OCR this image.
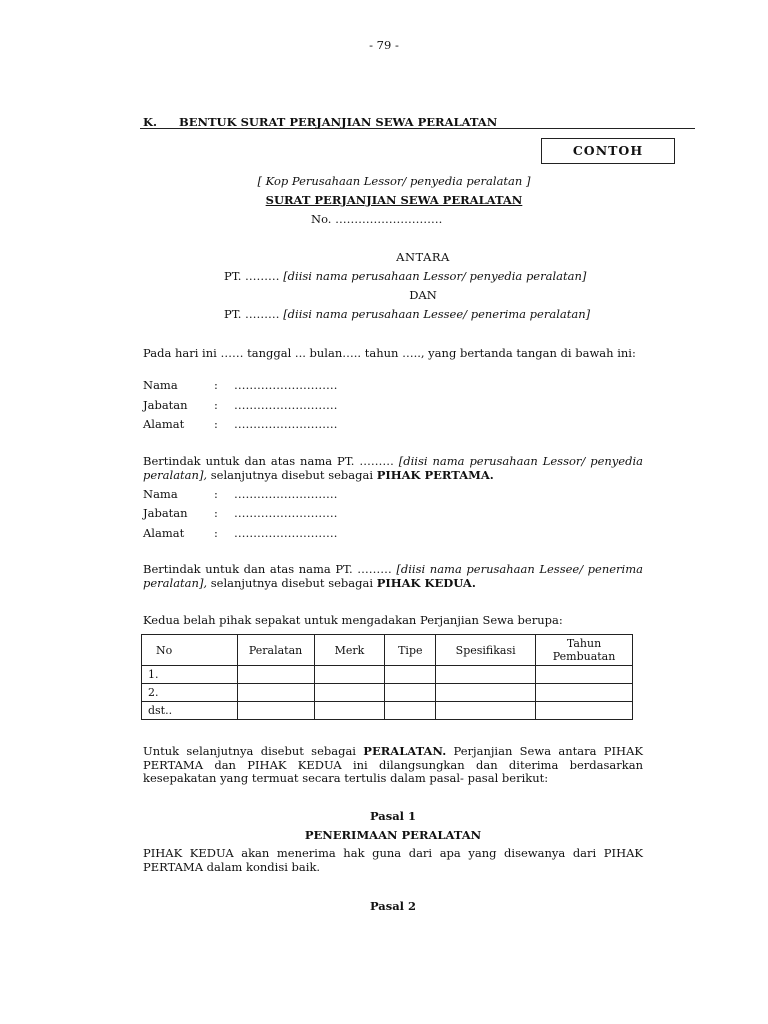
- 79 -
K. BENTUK SURAT PERJANJIAN SEWA PERALATAN
CONTOH
[ Kop Perusahaan Lessor/ penyedia peralatan ]
SURAT PERJANJIAN SEWA PERALATAN
No. ……………………….
ANTARA
PT. ……… [diisi nama perusahaan Lessor/ penyedia peralatan]
DAN
PT. ……… [diisi nama perusahaan Lessee/ penerima peralatan]
Pada hari ini …… tanggal ... bulan….. tahun ….., yang bertanda tangan di bawah ini:
Nama	: ………………………
Jabatan : ………………………
Alamat	: ………………………
Bertindak untuk dan atas nama PT. ……… [diisi nama perusahaan Lessor/ penyedia peralatan], selanjutnya disebut sebagai PIHAK PERTAMA.
Nama	: ………………………
Jabatan : ………………………
Alamat	: ………………………
Bertindak untuk dan atas nama PT. ……… [diisi nama perusahaan Lessee/ penerima peralatan], selanjutnya disebut sebagai PIHAK KEDUA.
Kedua belah pihak sepakat untuk mengadakan Perjanjian Sewa berupa:
No	Peralatan	Merk	Tipe	Spesifikasi	Tahun Pembuatan
1.					
2.					
dst..					
Untuk selanjutnya disebut sebagai PERALATAN. Perjanjian Sewa antara PIHAK PERTAMA dan PIHAK KEDUA ini dilangsungkan dan diterima berdasarkan kesepakatan yang termuat secara tertulis dalam pasal- pasal berikut:
Pasal 1
PENERIMAAN PERALATAN
PIHAK KEDUA akan menerima hak guna dari apa yang disewanya dari PIHAK PERTAMA dalam kondisi baik.
Pasal 2
